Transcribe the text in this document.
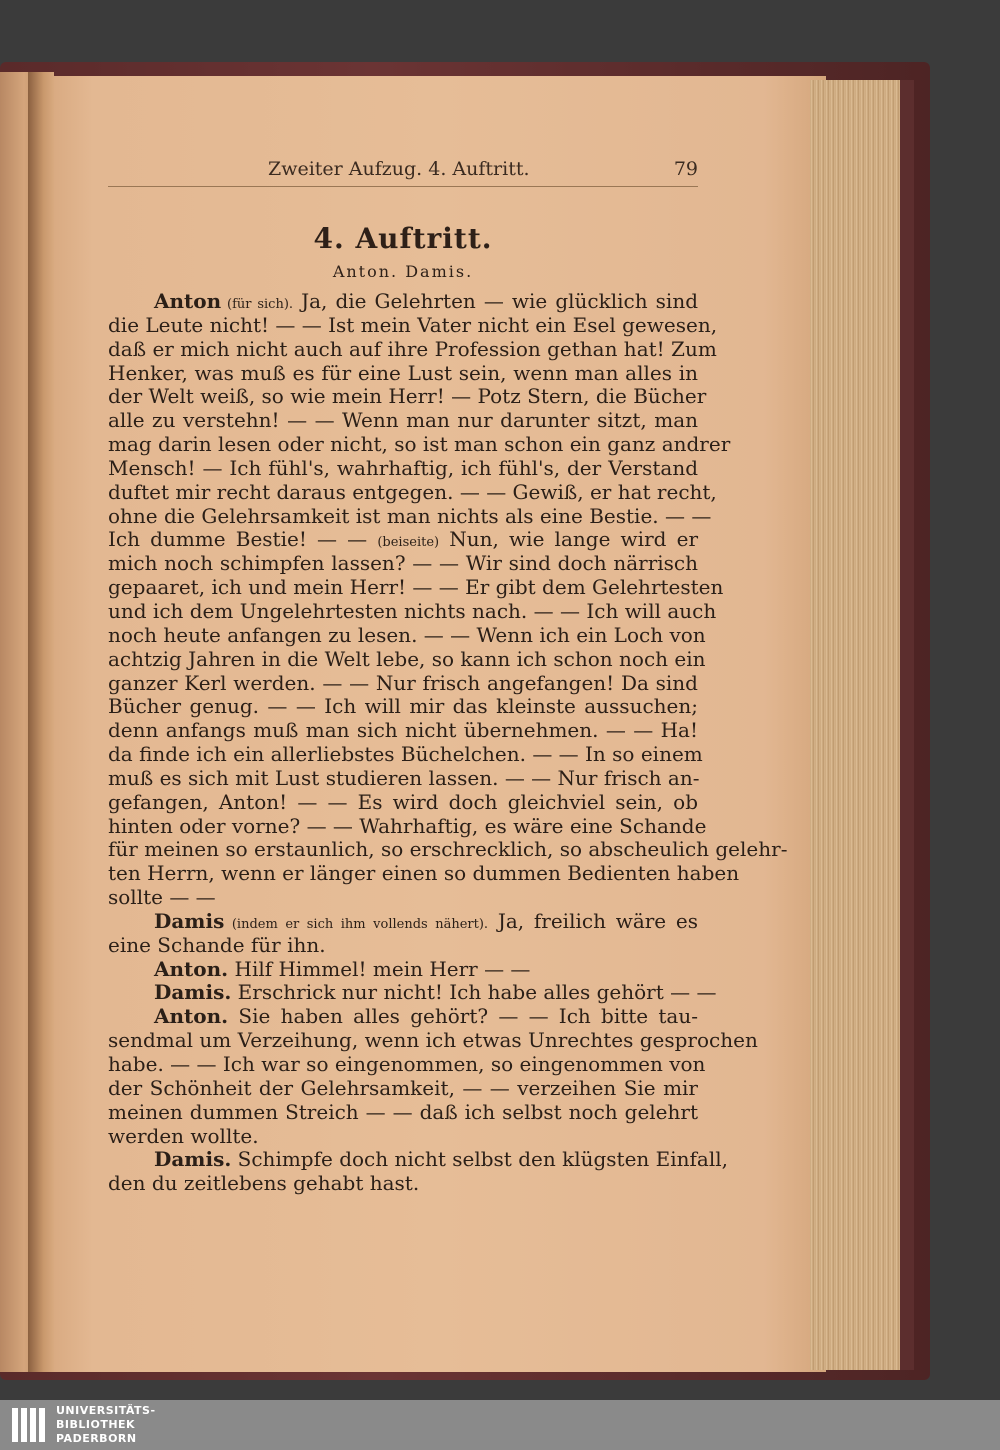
Zweiter Aufzug. 4. Auftritt.	79
4. Auftritt.
Anton. Damis.
Anton (für sich). Ja, die Gelehrten — wie glücklich sind
die Leute nicht! — — Ist mein Vater nicht ein Esel gewesen,
daß er mich nicht auch auf ihre Profession gethan hat! Zum
Henker, was muß es für eine Lust sein, wenn man alles in
der Welt weiß, so wie mein Herr! — Potz Stern, die Bücher
alle zu verstehn! — — Wenn man nur darunter sitzt, man
mag darin lesen oder nicht, so ist man schon ein ganz andrer
Mensch! — Ich fühl's, wahrhaftig, ich fühl's, der Verstand
duftet mir recht daraus entgegen. — — Gewiß, er hat recht,
ohne die Gelehrsamkeit ist man nichts als eine Bestie. — —
Ich dumme Bestie! — — (beiseite) Nun, wie lange wird er
mich noch schimpfen lassen? — — Wir sind doch närrisch
gepaaret, ich und mein Herr! — — Er gibt dem Gelehrtesten
und ich dem Ungelehrtesten nichts nach. — — Ich will auch
noch heute anfangen zu lesen. — — Wenn ich ein Loch von
achtzig Jahren in die Welt lebe, so kann ich schon noch ein
ganzer Kerl werden. — — Nur frisch angefangen! Da sind
Bücher genug. — — Ich will mir das kleinste aussuchen;
denn anfangs muß man sich nicht übernehmen. — — Ha!
da finde ich ein allerliebstes Büchelchen. — — In so einem
muß es sich mit Lust studieren lassen. — — Nur frisch an-
gefangen, Anton! — — Es wird doch gleichviel sein, ob
hinten oder vorne? — — Wahrhaftig, es wäre eine Schande
für meinen so erstaunlich, so erschrecklich, so abscheulich gelehr-
ten Herrn, wenn er länger einen so dummen Bedienten haben
sollte — —
Damis (indem er sich ihm vollends nähert). Ja, freilich wäre es
eine Schande für ihn.
Anton. Hilf Himmel! mein Herr — —
Damis. Erschrick nur nicht! Ich habe alles gehört — —
Anton. Sie haben alles gehört? — — Ich bitte tau-
sendmal um Verzeihung, wenn ich etwas Unrechtes gesprochen
habe. — — Ich war so eingenommen, so eingenommen von
der Schönheit der Gelehrsamkeit, — — verzeihen Sie mir
meinen dummen Streich — — daß ich selbst noch gelehrt
werden wollte.
Damis. Schimpfe doch nicht selbst den klügsten Einfall,
den du zeitlebens gehabt hast.
UNIVERSITÄTS-
BIBLIOTHEK
PADERBORN
